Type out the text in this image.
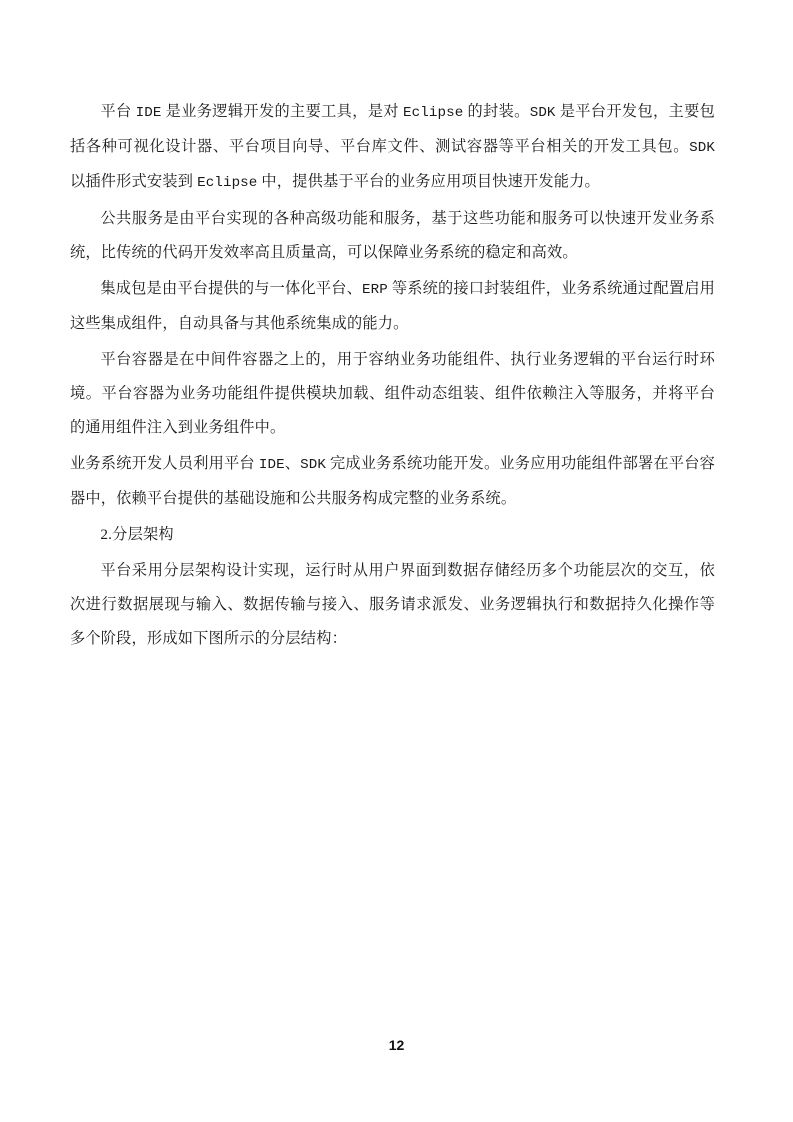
平台 IDE 是业务逻辑开发的主要工具，是对 Eclipse 的封装。SDK 是平台开发包，主要包括各种可视化设计器、平台项目向导、平台库文件、测试容器等平台相关的开发工具包。SDK 以插件形式安装到 Eclipse 中，提供基于平台的业务应用项目快速开发能力。

公共服务是由平台实现的各种高级功能和服务，基于这些功能和服务可以快速开发业务系统，比传统的代码开发效率高且质量高，可以保障业务系统的稳定和高效。

集成包是由平台提供的与一体化平台、ERP 等系统的接口封装组件，业务系统通过配置启用这些集成组件，自动具备与其他系统集成的能力。

平台容器是在中间件容器之上的，用于容纳业务功能组件、执行业务逻辑的平台运行时环境。平台容器为业务功能组件提供模块加载、组件动态组装、组件依赖注入等服务，并将平台的通用组件注入到业务组件中。

业务系统开发人员利用平台 IDE、SDK 完成业务系统功能开发。业务应用功能组件部署在平台容器中，依赖平台提供的基础设施和公共服务构成完整的业务系统。

2.分层架构

平台采用分层架构设计实现，运行时从用户界面到数据存储经历多个功能层次的交互，依次进行数据展现与输入、数据传输与接入、服务请求派发、业务逻辑执行和数据持久化操作等多个阶段，形成如下图所示的分层结构：

12
